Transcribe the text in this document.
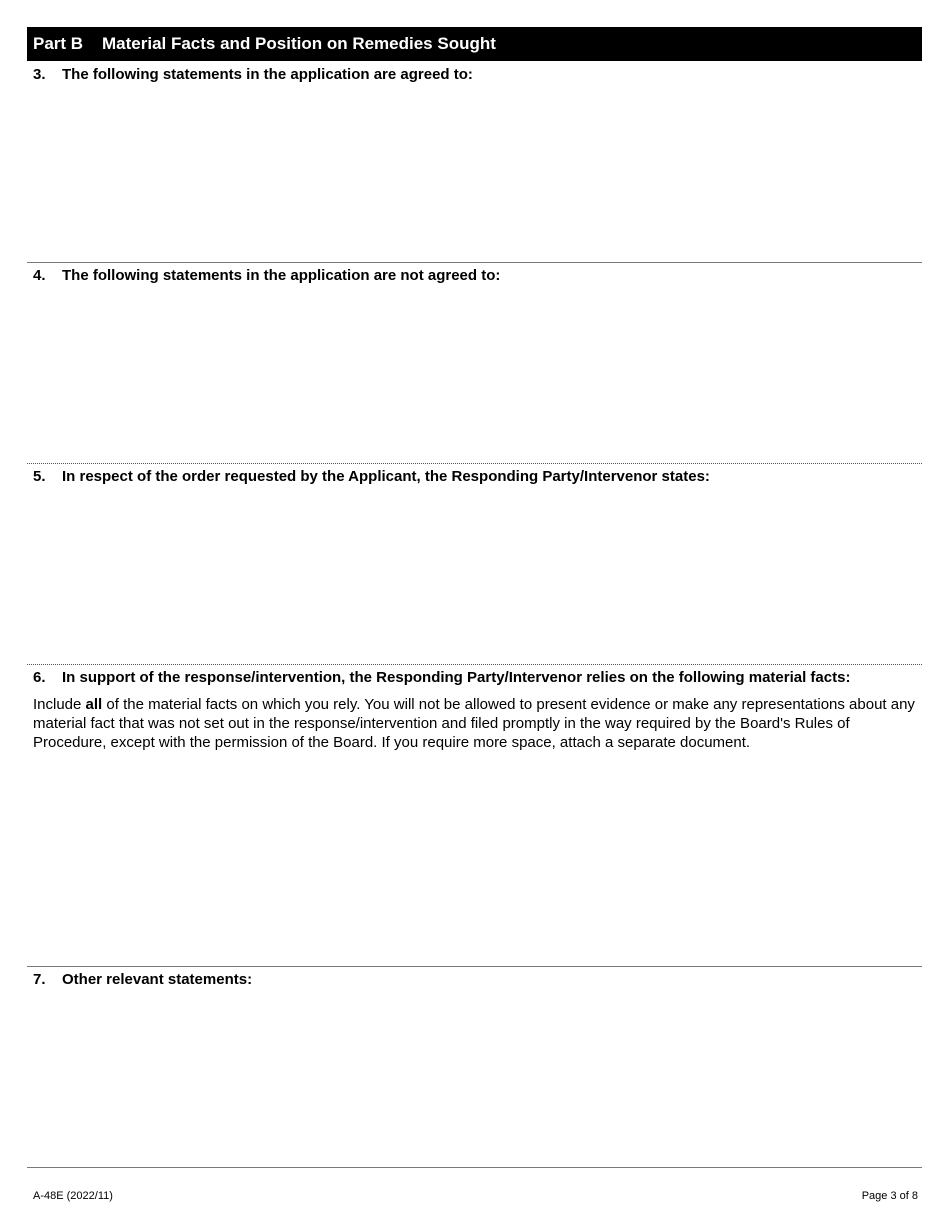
Part B Material Facts and Position on Remedies Sought
3. The following statements in the application are agreed to:
4. The following statements in the application are not agreed to:
5. In respect of the order requested by the Applicant, the Responding Party/Intervenor states:
6. In support of the response/intervention, the Responding Party/Intervenor relies on the following material facts:
Include all of the material facts on which you rely. You will not be allowed to present evidence or make any representations about any material fact that was not set out in the response/intervention and filed promptly in the way required by the Board's Rules of Procedure, except with the permission of the Board. If you require more space, attach a separate document.
7. Other relevant statements:
A-48E (2022/11)	Page 3 of 8
